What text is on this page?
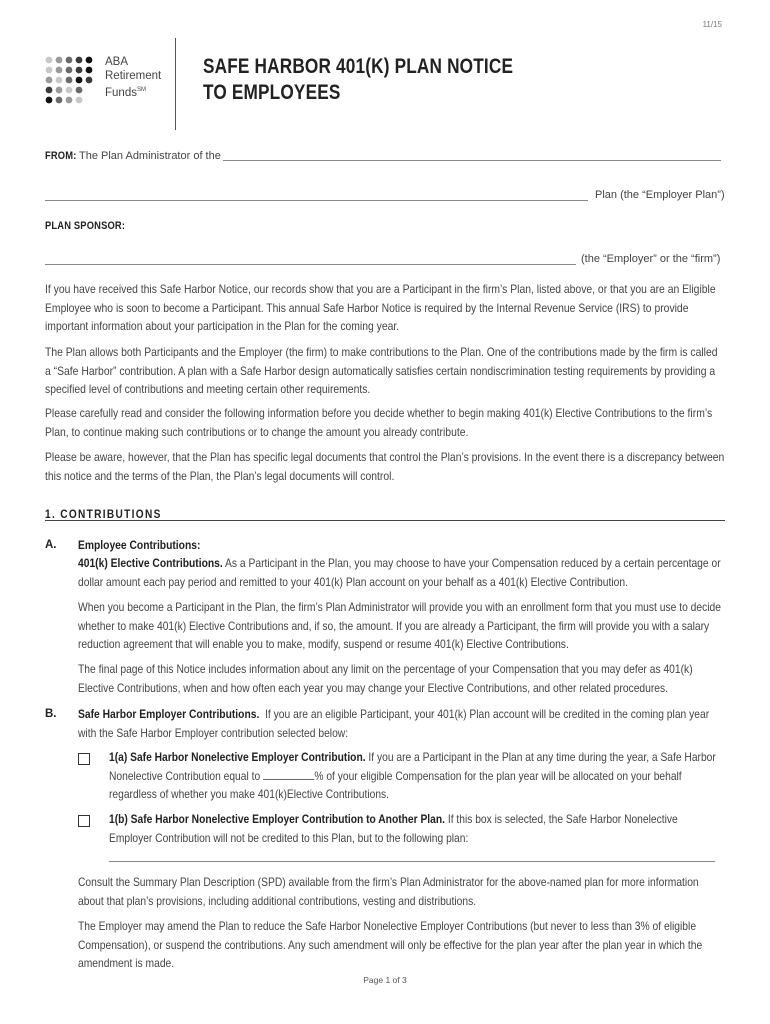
11/15
ABA
Retirement
Funds℠
SAFE HARBOR 401(K) PLAN NOTICE
TO EMPLOYEES
FROM: The Plan Administrator of the
Plan (the “Employer Plan”)
PLAN SPONSOR:
(the “Employer” or the “firm”)
If you have received this Safe Harbor Notice, our records show that you are a Participant in the firm’s Plan, listed above, or that you are an Eligible Employee who is soon to become a Participant. This annual Safe Harbor Notice is required by the Internal Revenue Service (IRS) to provide important information about your participation in the Plan for the coming year.
The Plan allows both Participants and the Employer (the firm) to make contributions to the Plan. One of the contributions made by the firm is called a “Safe Harbor” contribution. A plan with a Safe Harbor design automatically satisfies certain nondiscrimination testing requirements by providing a specified level of contributions and meeting certain other requirements.
Please carefully read and consider the following information before you decide whether to begin making 401(k) Elective Contributions to the firm’s Plan, to continue making such contributions or to change the amount you already contribute.
Please be aware, however, that the Plan has specific legal documents that control the Plan’s provisions. In the event there is a discrepancy between this notice and the terms of the Plan, the Plan’s legal documents will control.
1. CONTRIBUTIONS
A. Employee Contributions:
401(k) Elective Contributions. As a Participant in the Plan, you may choose to have your Compensation reduced by a certain percentage or dollar amount each pay period and remitted to your 401(k) Plan account on your behalf as a 401(k) Elective Contribution.
When you become a Participant in the Plan, the firm’s Plan Administrator will provide you with an enrollment form that you must use to decide whether to make 401(k) Elective Contributions and, if so, the amount. If you are already a Participant, the firm will provide you with a salary reduction agreement that will enable you to make, modify, suspend or resume 401(k) Elective Contributions.
The final page of this Notice includes information about any limit on the percentage of your Compensation that you may defer as 401(k) Elective Contributions, when and how often each year you may change your Elective Contributions, and other related procedures.
B. Safe Harbor Employer Contributions. If you are an eligible Participant, your 401(k) Plan account will be credited in the coming plan year with the Safe Harbor Employer contribution selected below:
1(a) Safe Harbor Nonelective Employer Contribution. If you are a Participant in the Plan at any time during the year, a Safe Harbor Nonelective Contribution equal to	% of your eligible Compensation for the plan year will be allocated on your behalf regardless of whether you make 401(k)Elective Contributions.
1(b) Safe Harbor Nonelective Employer Contribution to Another Plan. If this box is selected, the Safe Harbor Nonelective Employer Contribution will not be credited to this Plan, but to the following plan:
Consult the Summary Plan Description (SPD) available from the firm’s Plan Administrator for the above-named plan for more information about that plan’s provisions, including additional contributions, vesting and distributions.
The Employer may amend the Plan to reduce the Safe Harbor Nonelective Employer Contributions (but never to less than 3% of eligible Compensation), or suspend the contributions. Any such amendment will only be effective for the plan year after the plan year in which the amendment is made.
Page 1 of 3
